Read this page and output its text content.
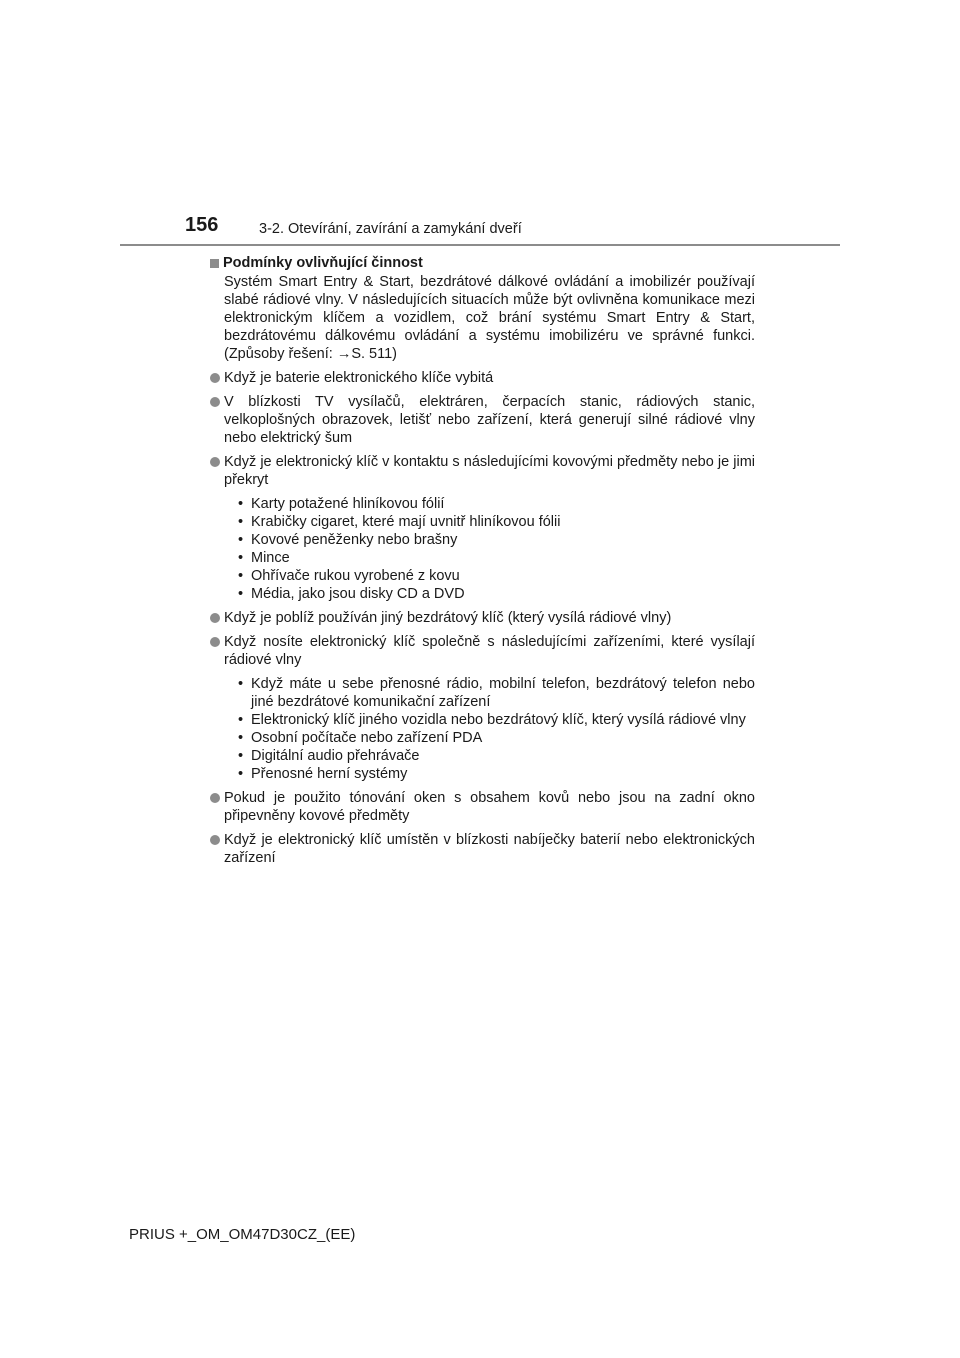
156	3-2. Otevírání, zavírání a zamykání dveří
Podmínky ovlivňující činnost
Systém Smart Entry & Start, bezdrátové dálkové ovládání a imobilizér používají slabé rádiové vlny. V následujících situacích může být ovlivněna komunikace mezi elektronickým klíčem a vozidlem, což brání systému Smart Entry & Start, bezdrátovému dálkovému ovládání a systému imobilizéru ve správné funkci. (Způsoby řešení: →S. 511)
Když je baterie elektronického klíče vybitá
V blízkosti TV vysílačů, elektráren, čerpacích stanic, rádiových stanic, velkoplošných obrazovek, letišť nebo zařízení, která generují silné rádiové vlny nebo elektrický šum
Když je elektronický klíč v kontaktu s následujícími kovovými předměty nebo je jimi překryt
• Karty potažené hliníkovou fólií
• Krabičky cigaret, které mají uvnitř hliníkovou fólii
• Kovové peněženky nebo brašny
• Mince
• Ohřívače rukou vyrobené z kovu
• Média, jako jsou disky CD a DVD
Když je poblíž používán jiný bezdrátový klíč (který vysílá rádiové vlny)
Když nosíte elektronický klíč společně s následujícími zařízeními, které vysílají rádiové vlny
• Když máte u sebe přenosné rádio, mobilní telefon, bezdrátový telefon nebo jiné bezdrátové komunikační zařízení
• Elektronický klíč jiného vozidla nebo bezdrátový klíč, který vysílá rádiové vlny
• Osobní počítače nebo zařízení PDA
• Digitální audio přehrávače
• Přenosné herní systémy
Pokud je použito tónování oken s obsahem kovů nebo jsou na zadní okno připevněny kovové předměty
Když je elektronický klíč umístěn v blízkosti nabíječky baterií nebo elektronických zařízení
PRIUS +_OM_OM47D30CZ_(EE)
